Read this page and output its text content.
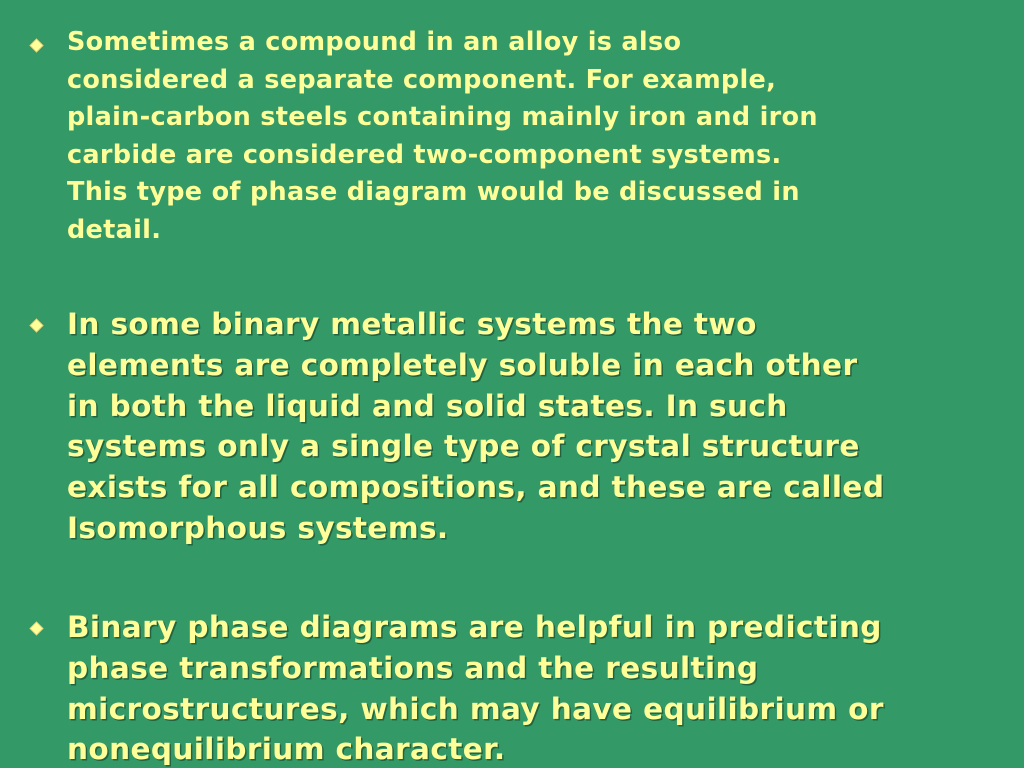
Sometimes a compound in an alloy is also
considered a separate component. For example,
plain-carbon steels containing mainly iron and iron
carbide are considered two-component systems.
This type of phase diagram would be discussed in
detail.

In some binary metallic systems the two
elements are completely soluble in each other
in both the liquid and solid states. In such
systems only a single type of crystal structure
exists for all compositions, and these are called
Isomorphous systems.

Binary phase diagrams are helpful in predicting
phase transformations and the resulting
microstructures, which may have equilibrium or
nonequilibrium character.
